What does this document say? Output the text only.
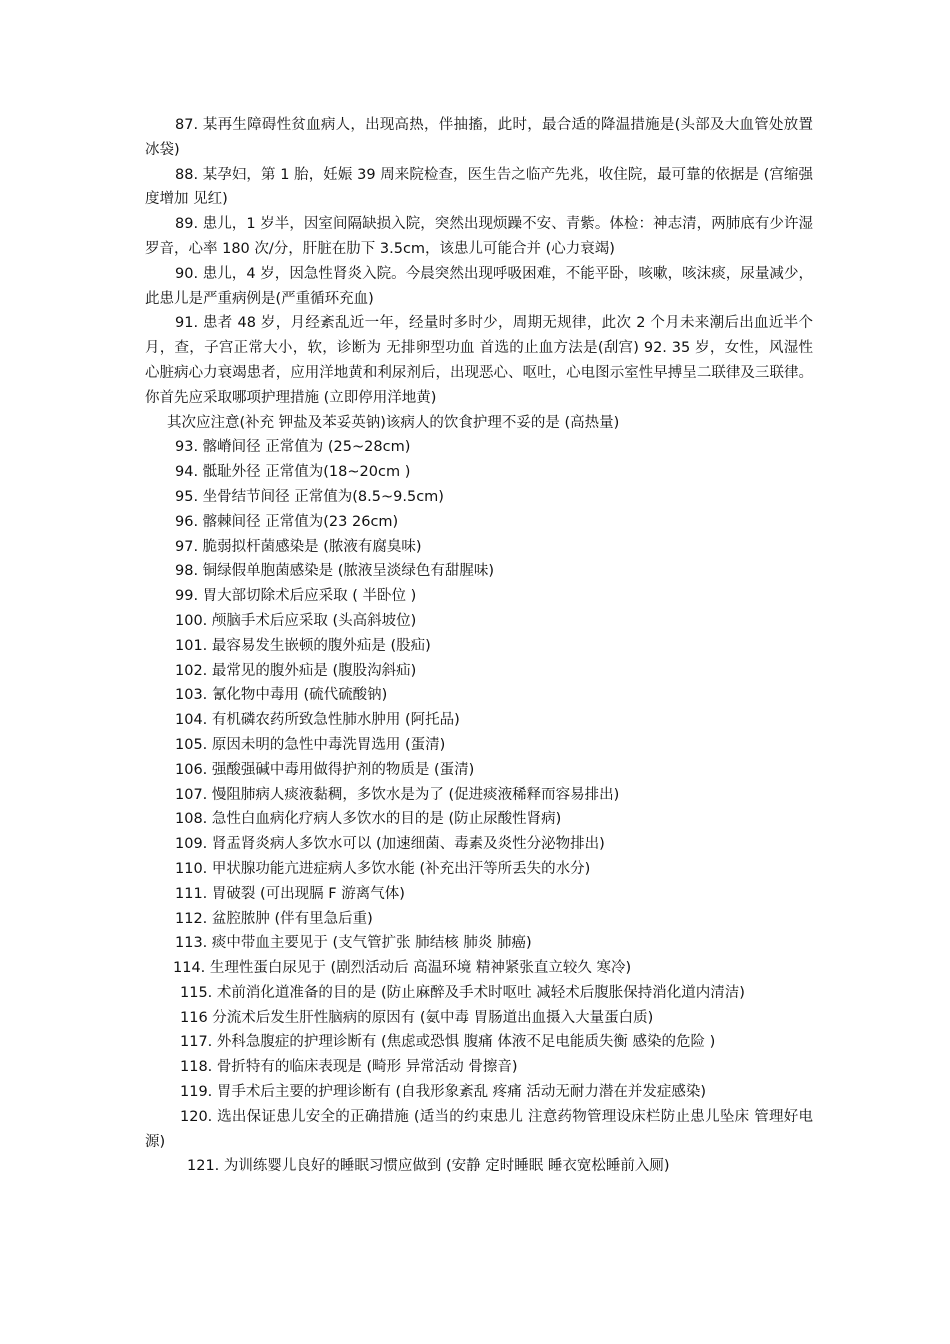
87. 某再生障碍性贫血病人，出现高热，伴抽搐，此时，最合适的降温措施是(头部及大血管处放置冰袋)

88. 某孕妇，第 1 胎，妊娠 39 周来院检查，医生告之临产先兆，收住院，最可靠的依据是 (宫缩强度增加 见红)

89. 患儿，1 岁半，因室间隔缺损入院，突然出现烦躁不安、青紫。体检：神志清，两肺底有少许湿罗音，心率 180 次/分，肝脏在肋下 3.5cm，该患儿可能合并 (心力衰竭)

90. 患儿，4 岁，因急性肾炎入院。今晨突然出现呼吸困难，不能平卧，咳嗽，咳沫痰，尿量减少，此患儿是严重病例是(严重循环充血)

91. 患者 48 岁，月经紊乱近一年，经量时多时少，周期无规律，此次 2 个月未来潮后出血近半个月，查，子宫正常大小，软，诊断为 无排卵型功血 首选的止血方法是(刮宫) 92. 35 岁，女性，风湿性心脏病心力衰竭患者，应用洋地黄和利尿剂后，出现恶心、呕吐，心电图示室性早搏呈二联律及三联律。你首先应采取哪项护理措施 (立即停用洋地黄)

其次应注意(补充 钾盐及苯妥英钠)该病人的饮食护理不妥的是 (高热量)

93. 髂嵴间径 正常值为 (25~28cm)

94. 骶耻外径 正常值为(18~20cm )

95. 坐骨结节间径 正常值为(8.5~9.5cm)

96. 髂棘间径 正常值为(23 26cm)

97. 脆弱拟杆菌感染是 (脓液有腐臭味)

98. 铜绿假单胞菌感染是 (脓液呈淡绿色有甜腥味)

99. 胃大部切除术后应采取 ( 半卧位 )

100. 颅脑手术后应采取 (头高斜坡位)

101. 最容易发生嵌顿的腹外疝是 (股疝)

102. 最常见的腹外疝是 (腹股沟斜疝)

103. 氰化物中毒用 (硫代硫酸钠)

104. 有机磷农药所致急性肺水肿用 (阿托品)

105. 原因未明的急性中毒洗胃选用 (蛋清)

106. 强酸强碱中毒用做得护剂的物质是 (蛋清)

107. 慢阻肺病人痰液黏稠，多饮水是为了 (促进痰液稀释而容易排出)

108. 急性白血病化疗病人多饮水的目的是 (防止尿酸性肾病)

109. 肾盂肾炎病人多饮水可以 (加速细菌、毒素及炎性分泌物排出)

110. 甲状腺功能亢进症病人多饮水能 (补充出汗等所丢失的水分)

111. 胃破裂 (可出现膈 F 游离气体)

112. 盆腔脓肿 (伴有里急后重)

113. 痰中带血主要见于 (支气管扩张 肺结核 肺炎 肺癌)

114. 生理性蛋白尿见于 (剧烈活动后 高温环境 精神紧张直立较久 寒冷)

115. 术前消化道准备的目的是 (防止麻醉及手术时呕吐 减轻术后腹胀保持消化道内清洁)

116 分流术后发生肝性脑病的原因有 (氨中毒 胃肠道出血摄入大量蛋白质)

117. 外科急腹症的护理诊断有 (焦虑或恐惧 腹痛 体液不足电能质失衡 感染的危险 )

118. 骨折特有的临床表现是 (畸形 异常活动 骨擦音)

119. 胃手术后主要的护理诊断有 (自我形象紊乱 疼痛 活动无耐力潜在并发症感染)

120. 选出保证患儿安全的正确措施 (适当的约束患儿 注意药物管理设床栏防止患儿坠床 管理好电源)

121. 为训练婴儿良好的睡眠习惯应做到 (安静 定时睡眠 睡衣宽松睡前入厕)
